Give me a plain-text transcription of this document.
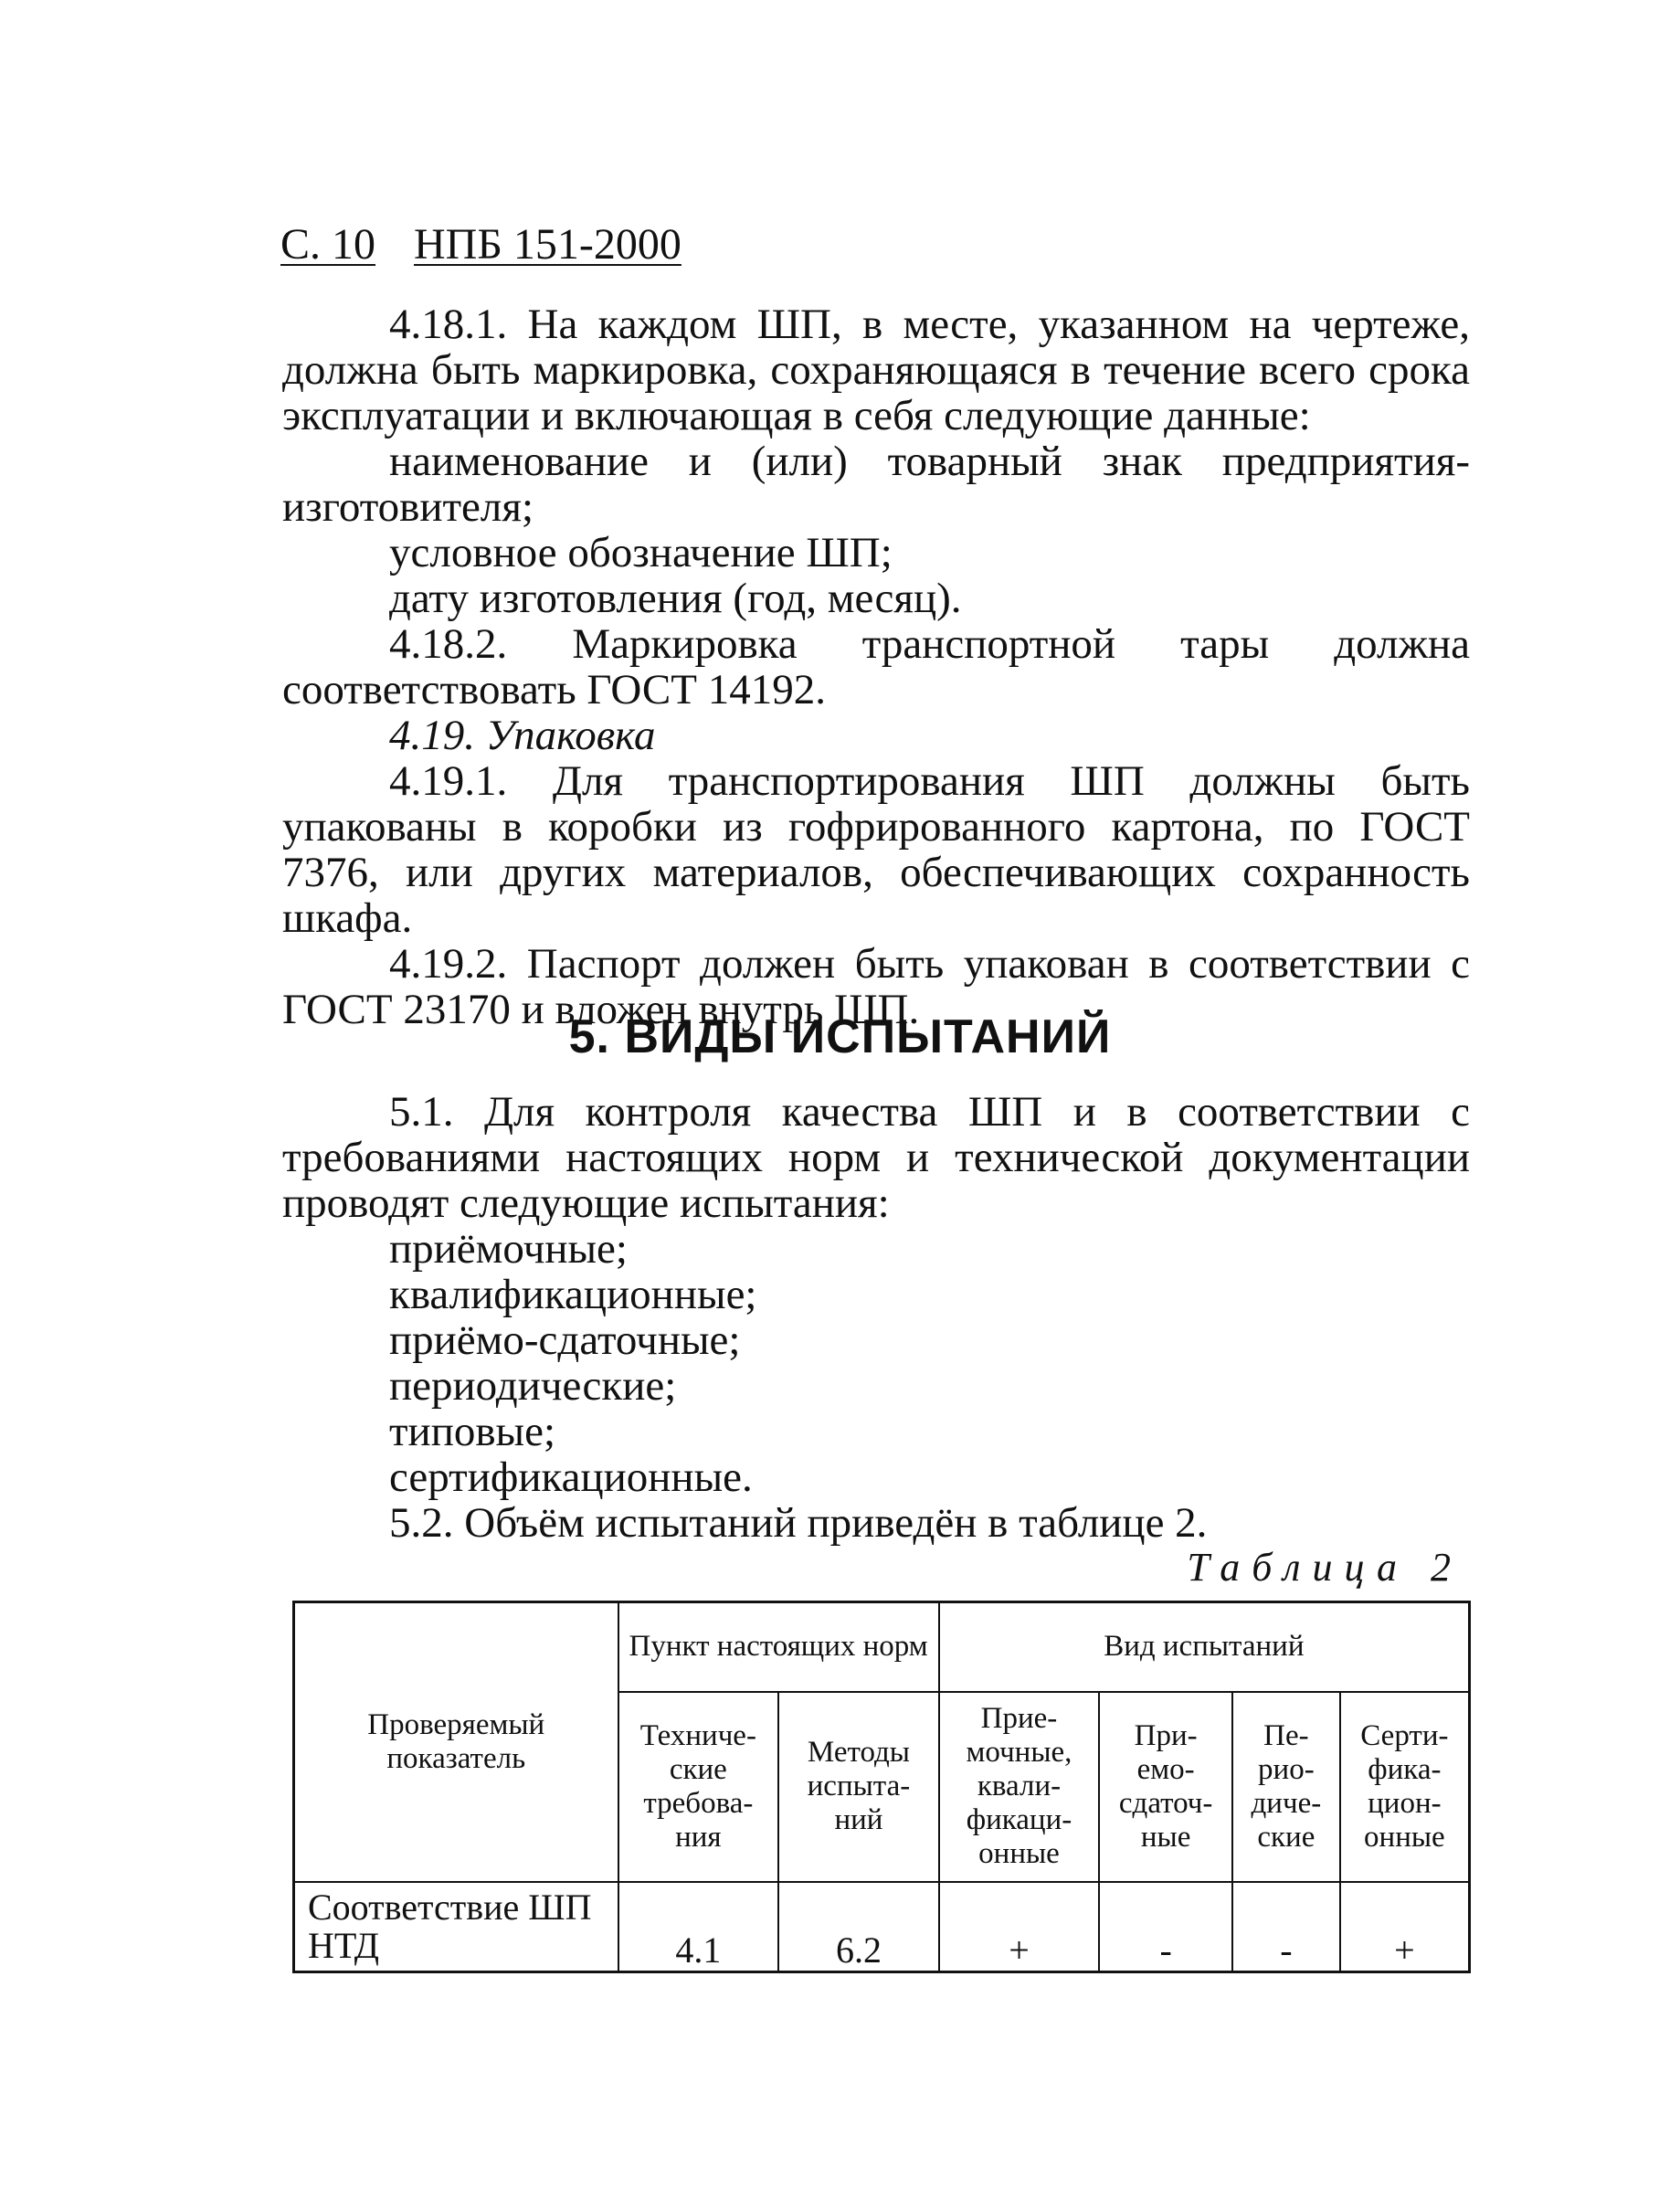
С. 10 НПБ 151-2000

4.18.1. На каждом ШП, в месте, указанном на чертеже, должна быть маркировка, сохраняющаяся в течение всего срока эксплуатации и включающая в себя следующие данные:

наименование и (или) товарный знак предприятия-изготовителя;

условное обозначение ШП;

дату изготовления (год, месяц).

4.18.2. Маркировка транспортной тары должна соответствовать ГОСТ 14192.

4.19. Упаковка

4.19.1. Для транспортирования ШП должны быть упакованы в коробки из гофрированного картона, по ГОСТ 7376, или других материалов, обеспечивающих сохранность шкафа.

4.19.2. Паспорт должен быть упакован в соответствии с ГОСТ 23170 и вложен внутрь ШП.

5. ВИДЫ ИСПЫТАНИЙ

5.1. Для контроля качества ШП и в соответствии с требованиями настоящих норм и технической документации проводят следующие испытания:

приёмочные;

квалификационные;

приёмо-сдаточные;

периодические;

типовые;

сертификационные.

5.2. Объём испытаний приведён в таблице 2.

Таблица 2
Проверяемый показатель	Пункт настоящих норм		Вид испытаний			
	Техниче-ские требова-ния	Методы испыта-ний	Прие-мочные, квали-фикаци-онные	При-емо-сдаточ-ные	Пе-рио-диче-ские	Серти-фика-цион-онные
Соответствие ШП НТД	4.1	6.2	+	-	-	+
